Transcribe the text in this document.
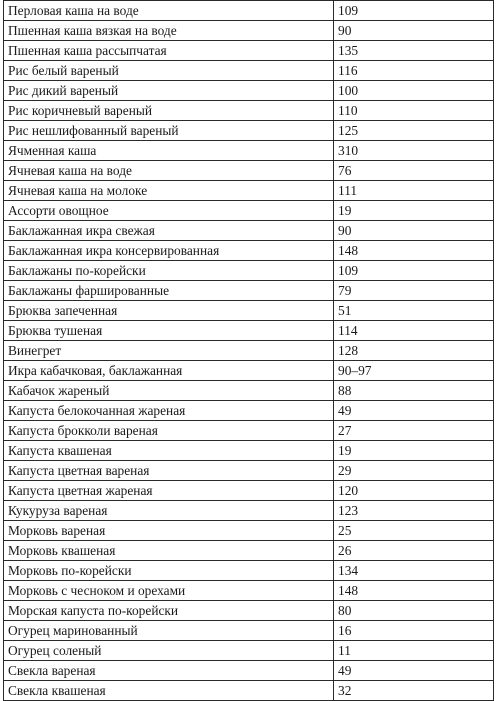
Перловая каша на воде	109
Пшенная каша вязкая на воде	90
Пшенная каша рассыпчатая	135
Рис белый вареный	116
Рис дикий вареный	100
Рис коричневый вареный	110
Рис нешлифованный вареный	125
Ячменная каша	310
Ячневая каша на воде	76
Ячневая каша на молоке	111
Ассорти овощное	19
Баклажанная икра свежая	90
Баклажанная икра консервированная	148
Баклажаны по-корейски	109
Баклажаны фаршированные	79
Брюква запеченная	51
Брюква тушеная	114
Винегрет	128
Икра кабачковая, баклажанная	90–97
Кабачок жареный	88
Капуста белокочанная жареная	49
Капуста брокколи вареная	27
Капуста квашеная	19
Капуста цветная вареная	29
Капуста цветная жареная	120
Кукуруза вареная	123
Морковь вареная	25
Морковь квашеная	26
Морковь по-корейски	134
Морковь с чесноком и орехами	148
Морская капуста по-корейски	80
Огурец маринованный	16
Огурец соленый	11
Свекла вареная	49
Свекла квашеная	32
